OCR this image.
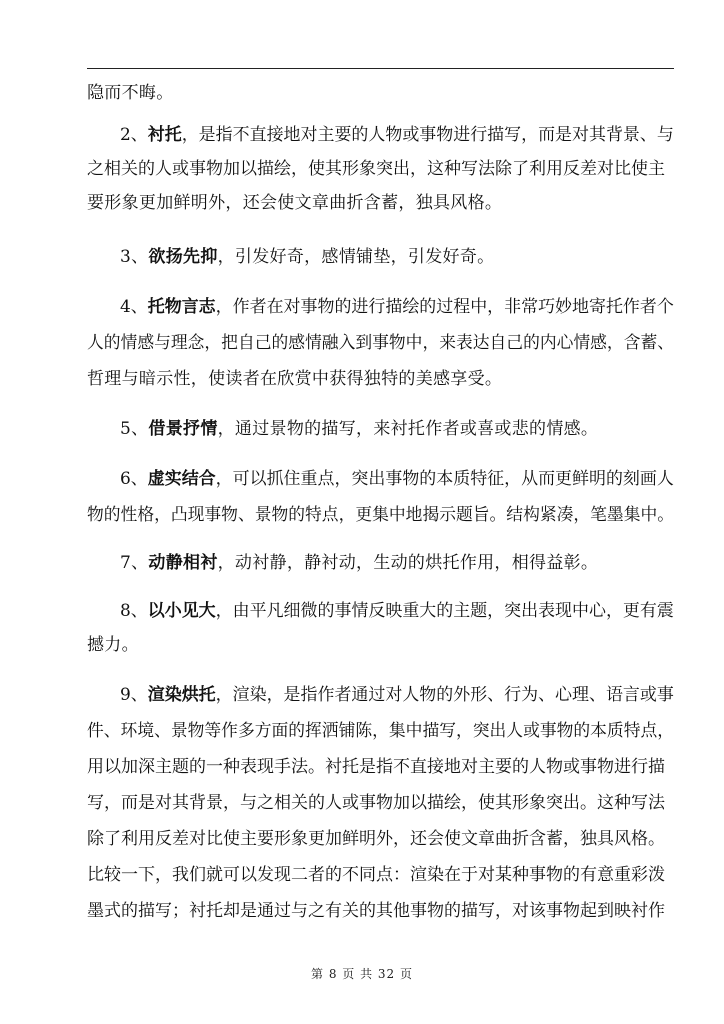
隐而不晦。
2、衬托，是指不直接地对主要的人物或事物进行描写，而是对其背景、与
之相关的人或事物加以描绘，使其形象突出，这种写法除了利用反差对比使主
要形象更加鲜明外，还会使文章曲折含蓄，独具风格。
3、欲扬先抑，引发好奇，感情铺垫，引发好奇。
4、托物言志，作者在对事物的进行描绘的过程中，非常巧妙地寄托作者个
人的情感与理念，把自己的感情融入到事物中，来表达自己的内心情感，含蓄、
哲理与暗示性，使读者在欣赏中获得独特的美感享受。
5、借景抒情，通过景物的描写，来衬托作者或喜或悲的情感。
6、虚实结合，可以抓住重点，突出事物的本质特征，从而更鲜明的刻画人
物的性格，凸现事物、景物的特点，更集中地揭示题旨。结构紧凑，笔墨集中。
7、动静相衬，动衬静，静衬动，生动的烘托作用，相得益彰。
8、以小见大，由平凡细微的事情反映重大的主题，突出表现中心，更有震
撼力。
9、渲染烘托，渲染，是指作者通过对人物的外形、行为、心理、语言或事
件、环境、景物等作多方面的挥洒铺陈，集中描写，突出人或事物的本质特点，
用以加深主题的一种表现手法。衬托是指不直接地对主要的人物或事物进行描
写，而是对其背景，与之相关的人或事物加以描绘，使其形象突出。这种写法
除了利用反差对比使主要形象更加鲜明外，还会使文章曲折含蓄，独具风格。
比较一下，我们就可以发现二者的不同点：渲染在于对某种事物的有意重彩泼
墨式的描写；衬托却是通过与之有关的其他事物的描写，对该事物起到映衬作
第 8 页 共 32 页
